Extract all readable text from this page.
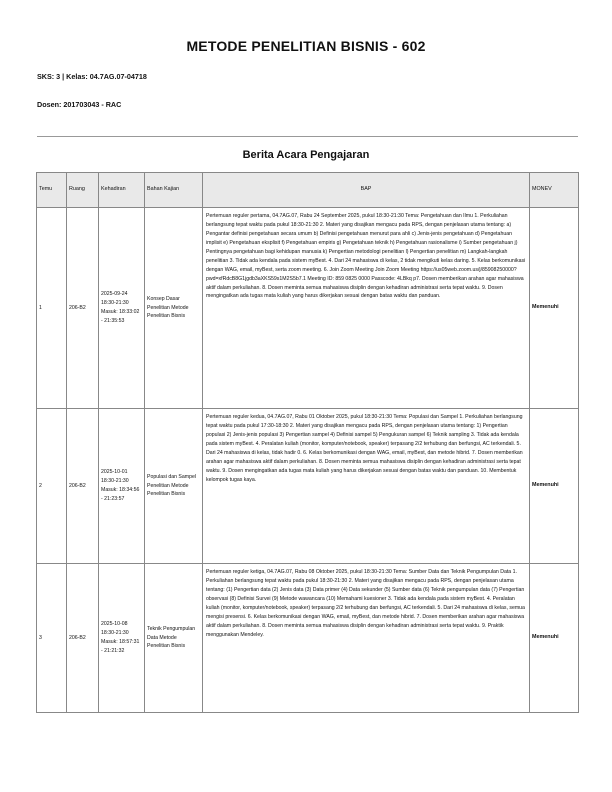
METODE PENELITIAN BISNIS - 602
SKS: 3 | Kelas: 04.7AG.07-04718
Dosen: 201703043 - RAC
Berita Acara Pengajaran
Temu	Ruang	Kehadiran	Bahan Kajian	BAP	MONEV
1	206-B2	2025-09-24 18:30-21:30 Masuk: 18:33:02 - 21:35:53	Konsep Dasar Penelitian Metode Penelitian Bisnis	Pertemuan reguler pertama, 04.7AG.07, Rabu 24 September 2025, pukul 18:30-21:30 Tema: Pengetahuan dan Ilmu 1. Perkuliahan berlangsung tepat waktu pada pukul 18:30-21:30 2. Materi yang disajikan mengacu pada RPS, dengan penjelasan utama tentang: a) Pengantar definisi pengetahuan secara umum b) Definisi pengetahuan menurut para ahli c) Jenis-jenis pengetahuan d) Pengetahuan implisit e) Pengetahuan eksplisit f) Pengetahuan empiris g) Pengetahuan teknik h) Pengetahuan rasionalisme i) Sumber pengetahuan j) Pentingnya pengetahuan bagi kehidupan manusia k) Pengertian metodologi penelitian l) Pengertian penelitian m) Langkah-langkah penelitian 3. Tidak ada kendala pada sistem myBest. 4. Dari 24 mahasiswa di kelas, 2 tidak mengikuti kelas daring. 5. Kelas berkomunikasi dengan WAG, email, myBest, serta zoom meeting. 6. Join Zoom Meeting Join Zoom Meeting https://us05web.zoom.us/j/85908250000?pwd=xfRdcB8G1jgdb3aXKS59s1M2S5b7.1 Meeting ID: 859 0825 0000 Passcode: 4LBkq p7. Dosen memberikan arahan agar mahasiswa aktif dalam perkuliahan. 8. Dosen meminta semua mahasiswa disiplin dengan kehadiran administrasi serta tepat waktu. 9. Dosen mengingatkan ada tugas mata kuliah yang harus dikerjakan sesuai dengan batas waktu dan panduan.	Memenuhi
2	206-B2	2025-10-01 18:30-21:30 Masuk: 18:34:56 - 21:23:57	Populasi dan Sampel Penelitian Metode Penelitian Bisnis	Pertemuan reguler kedua, 04.7AG.07, Rabu 01 Oktober 2025, pukul 18:30-21:30 Tema: Populasi dan Sampel 1. Perkuliahan berlangsung tepat waktu pada pukul 17:30-18:30 2. Materi yang disajikan mengacu pada RPS, dengan penjelasan utama tentang: 1) Pengertian populasi 2) Jenis-jenis populasi 3) Pengertian sampel 4) Definisi sampel 5) Pengukuran sampel 6) Teknik sampling 3. Tidak ada kendala pada sistem myBest. 4. Peralatan kuliah (monitor, komputer/notebook, speaker) terpasang 2/2 terhubung dan berfungsi, AC terkendali. 5. Dari 24 mahasiswa di kelas, tidak hadir 0. 6. Kelas berkomunikasi dengan WAG, email, myBest, dan metode hibrid. 7. Dosen memberikan arahan agar mahasiswa aktif dalam perkuliahan. 8. Dosen meminta semua mahasiswa disiplin dengan kehadiran administrasi serta tepat waktu. 9. Dosen mengingatkan ada tugas mata kuliah yang harus dikerjakan sesuai dengan batas waktu dan panduan. 10. Membentuk kelompok tugas kaya.	Memenuhi
3	206-B2	2025-10-08 18:30-21:30 Masuk: 18:57:31 - 21:21:32	Teknik Pengumpulan Data Metode Penelitian Bisnis	Pertemuan reguler ketiga, 04.7AG.07, Rabu 08 Oktober 2025, pukul 18:30-21:30 Tema: Sumber Data dan Teknik Pengumpulan Data 1. Perkuliahan berlangsung tepat waktu pada pukul 18:30-21:30 2. Materi yang disajikan mengacu pada RPS, dengan penjelasan utama tentang: (1) Pengertian data (2) Jenis data (3) Data primer (4) Data sekunder (5) Sumber data (6) Teknik pengumpulan data (7) Pengertian observasi (8) Definisi Survei (9) Metode wawancara (10) Memahami kuesioner 3. Tidak ada kendala pada sistem myBest. 4. Peralatan kuliah (monitor, komputer/notebook, speaker) terpasang 2/2 terhubung dan berfungsi, AC terkendali. 5. Dari 24 mahasiswa di kelas, semua mengisi presensi. 6. Kelas berkomunikasi dengan WAG, email, myBest, dan metode hibrid. 7. Dosen memberikan arahan agar mahasiswa aktif dalam perkuliahan. 8. Dosen meminta semua mahasiswa disiplin dengan kehadiran administrasi serta tepat waktu. 9. Praktik menggunakan Mendeley.	Memenuhi
